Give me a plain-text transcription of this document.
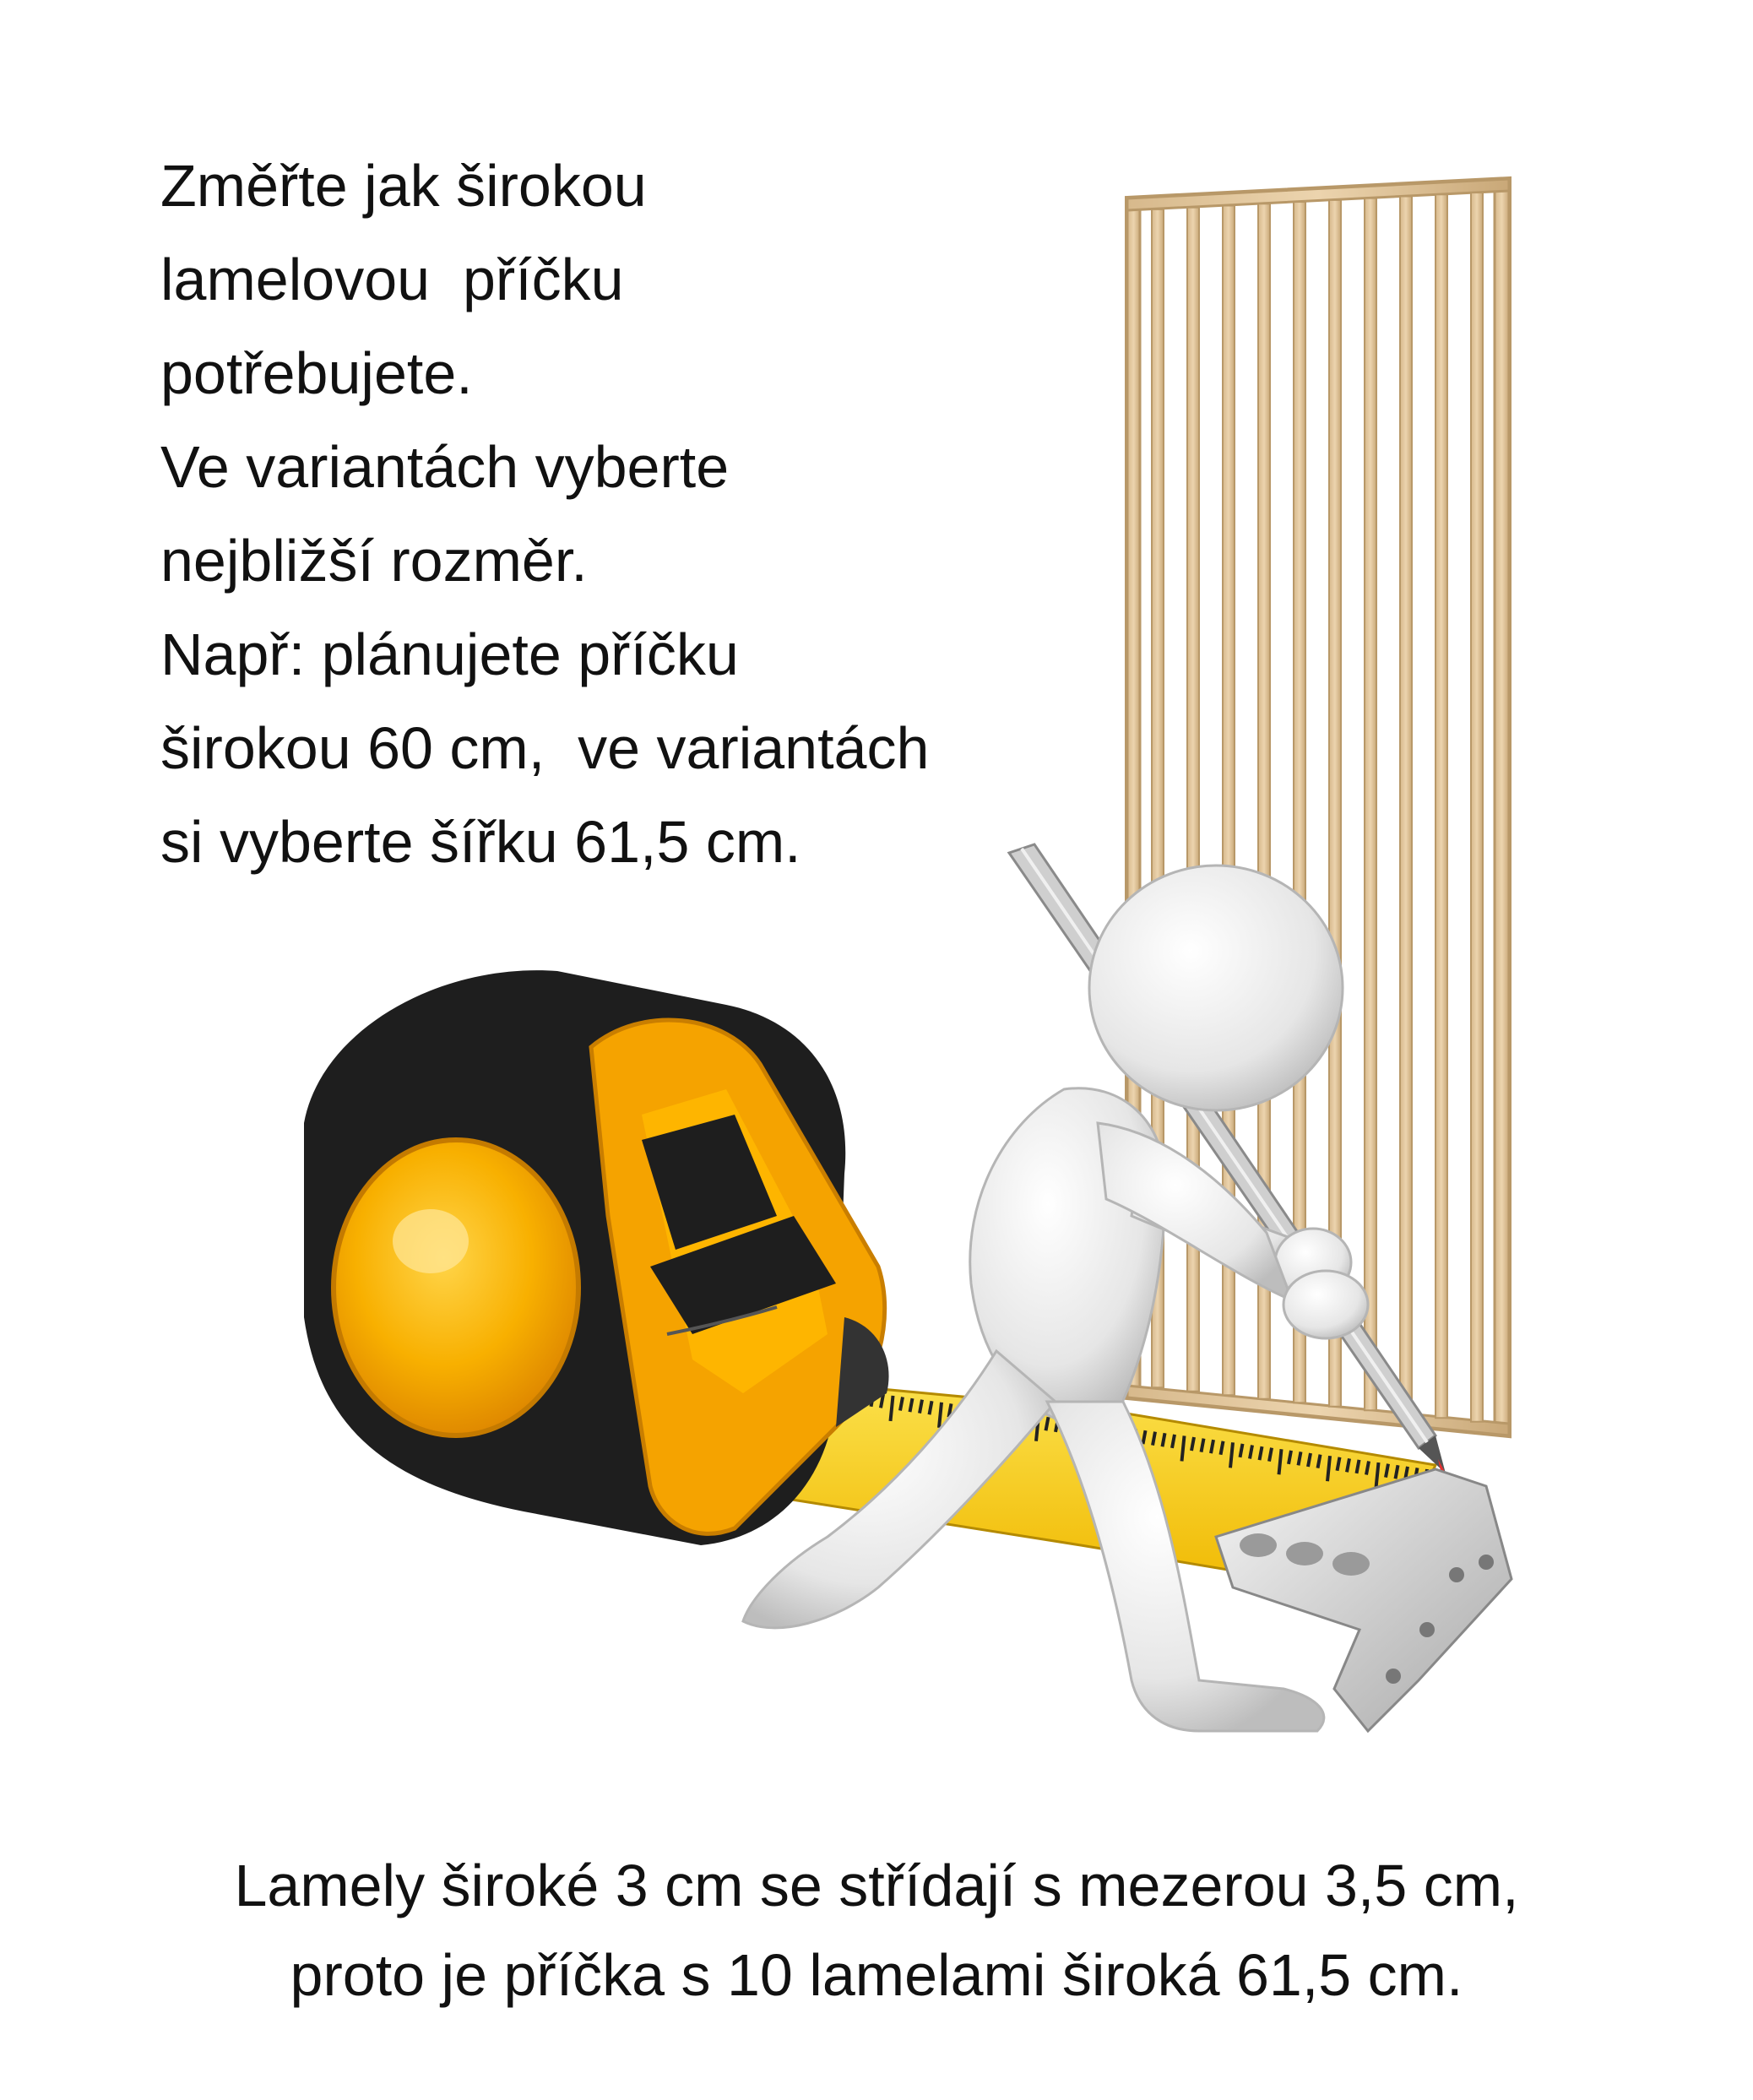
Změřte jak širokou
lamelovou  příčku
potřebujete.
Ve variantách vyberte
nejbližší rozměr.
Např: plánujete příčku
širokou 60 cm,  ve variantách
si vyberte šířku 61,5 cm.
Lamely široké 3 cm se střídají s mezerou 3,5 cm,
proto je příčka s 10 lamelami široká 61,5 cm.
